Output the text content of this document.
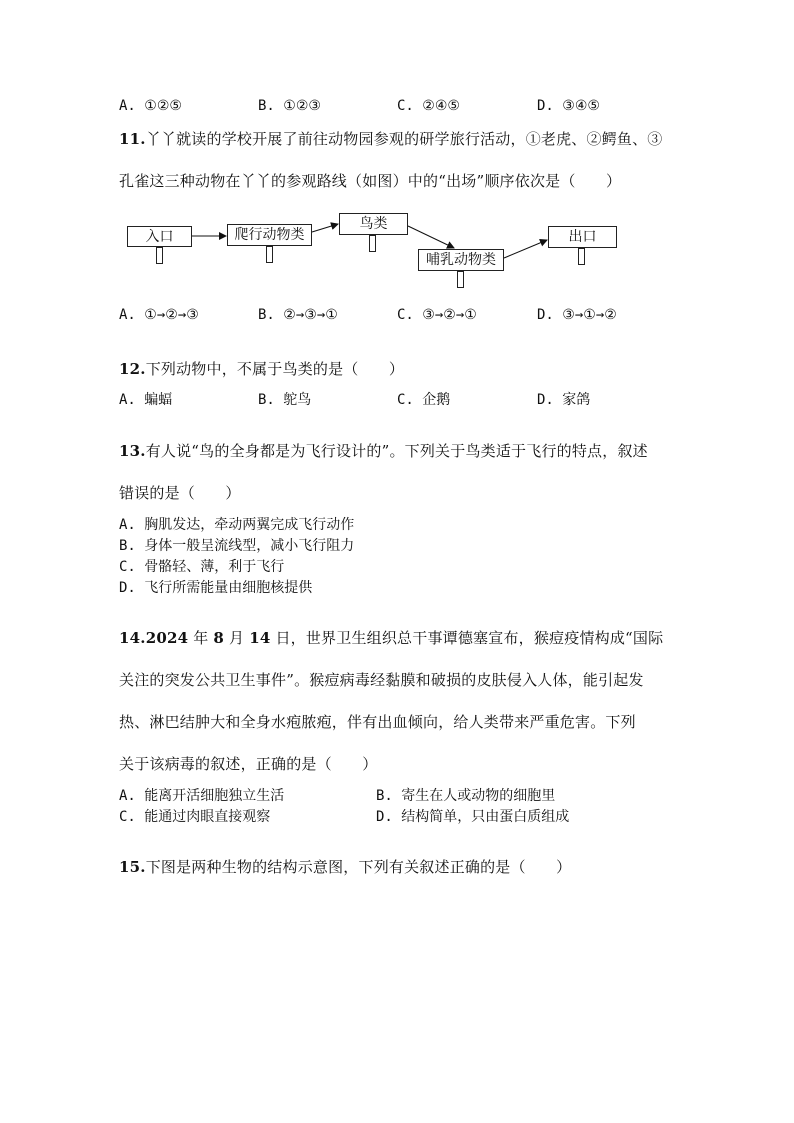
A. ①②⑤	B. ①②③	C. ②④⑤	D. ③④⑤
11.丫丫就读的学校开展了前往动物园参观的研学旅行活动，①老虎、②鳄鱼、③
孔雀这三种动物在丫丫的参观路线（如图）中的“出场”顺序依次是（　　）
入口	爬行动物类
鸟类
哺乳动物类
出口
A. ①→②→③	B. ②→③→①	C. ③→②→①	D. ③→①→②
12.下列动物中，不属于鸟类的是（　　）
A. 蝙蝠	B. 鸵鸟	C. 企鹅	D. 家鸽
13.有人说“鸟的全身都是为飞行设计的”。下列关于鸟类适于飞行的特点，叙述
错误的是（　　）
A. 胸肌发达，牵动两翼完成飞行动作
B. 身体一般呈流线型，减小飞行阻力
C. 骨骼轻、薄，利于飞行
D. 飞行所需能量由细胞核提供
14.2024 年 8 月 14 日，世界卫生组织总干事谭德塞宣布，猴痘疫情构成“国际
关注的突发公共卫生事件”。猴痘病毒经黏膜和破损的皮肤侵入人体，能引起发
热、淋巴结肿大和全身水疱脓疱，伴有出血倾向，给人类带来严重危害。下列
关于该病毒的叙述，正确的是（　　）
A. 能离开活细胞独立生活	B. 寄生在人或动物的细胞里
C. 能通过肉眼直接观察	D. 结构简单，只由蛋白质组成
15.下图是两种生物的结构示意图，下列有关叙述正确的是（　　）
